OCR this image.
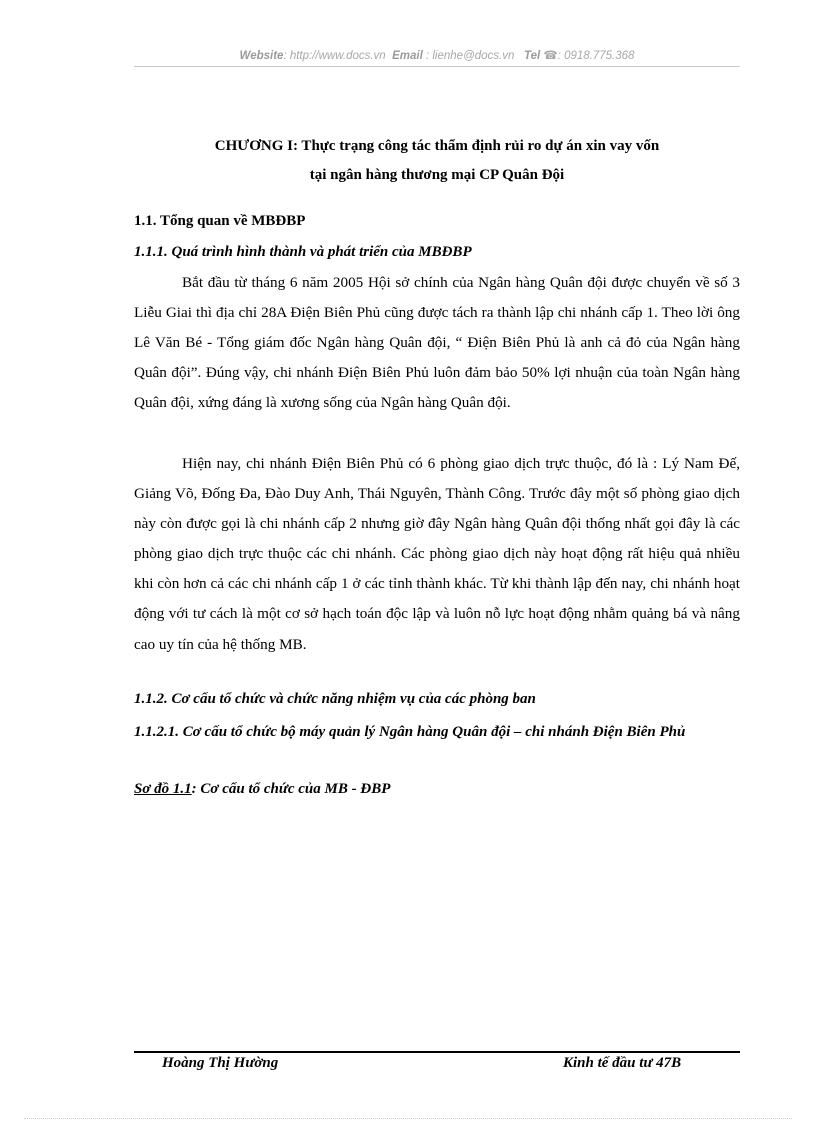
Website: http://www.docs.vn Email : lienhe@docs.vn Tel ☎: 0918.775.368
CHƯƠNG I: Thực trạng công tác thẩm định rủi ro dự án xin vay vốn
tại ngân hàng thương mại CP Quân Đội
1.1. Tổng quan về MBĐBP
1.1.1. Quá trình hình thành và phát triển của MBĐBP

Bắt đầu từ tháng 6 năm 2005 Hội sở chính của Ngân hàng Quân đội được chuyển về số 3 Liễu Giai thì địa chỉ 28A Điện Biên Phủ cũng được tách ra thành lập chi nhánh cấp 1. Theo lời ông Lê Văn Bé - Tổng giám đốc Ngân hàng Quân đội, “ Điện Biên Phủ là anh cả đỏ của Ngân hàng Quân đội”. Đúng vậy, chi nhánh Điện Biên Phủ luôn đảm bảo 50% lợi nhuận của toàn Ngân hàng Quân đội, xứng đáng là xương sống của Ngân hàng Quân đội.

Hiện nay, chi nhánh Điện Biên Phủ có 6 phòng giao dịch trực thuộc, đó là : Lý Nam Đế, Giảng Võ, Đống Đa, Đào Duy Anh, Thái Nguyên, Thành Công. Trước đây một số phòng giao dịch này còn được gọi là chi nhánh cấp 2 nhưng giờ đây Ngân hàng Quân đội thống nhất gọi đây là các phòng giao dịch trực thuộc các chi nhánh. Các phòng giao dịch này hoạt động rất hiệu quả nhiều khi còn hơn cả các chi nhánh cấp 1 ở các tỉnh thành khác. Từ khi thành lập đến nay, chi nhánh hoạt động với tư cách là một cơ sở hạch toán độc lập và luôn nỗ lực hoạt động nhằm quảng bá và nâng cao uy tín của hệ thống MB.

1.1.2. Cơ cấu tổ chức và chức năng nhiệm vụ của các phòng ban
1.1.2.1. Cơ cấu tổ chức bộ máy quản lý Ngân hàng Quân đội – chi nhánh Điện Biên Phủ
Sơ đồ 1.1: Cơ cấu tổ chức của MB - ĐBP
Hoàng Thị Hường	Kinh tế đầu tư 47B
